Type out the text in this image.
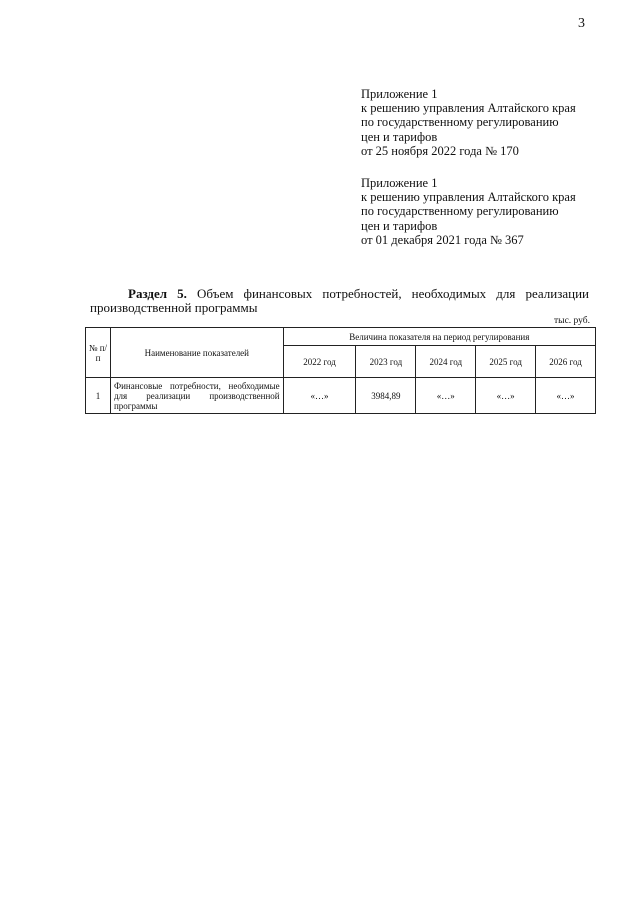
3
Приложение 1
к решению управления Алтайского края
по государственному регулированию
цен и тарифов
от 25 ноября 2022 года № 170
Приложение 1
к решению управления Алтайского края
по государственному регулированию
цен и тарифов
от 01 декабря 2021 года № 367
Раздел 5. Объем финансовых потребностей, необходимых для реализации
производственной программы
тыс. руб.
№ п/п	Наименование показателей	Величина показателя на период регулирования				
		2022 год	2023 год	2024 год	2025 год	2026 год
1	Финансовые потребности, необходимые для реализации производственной программы	«…»	3984,89	«…»	«…»	«…»
